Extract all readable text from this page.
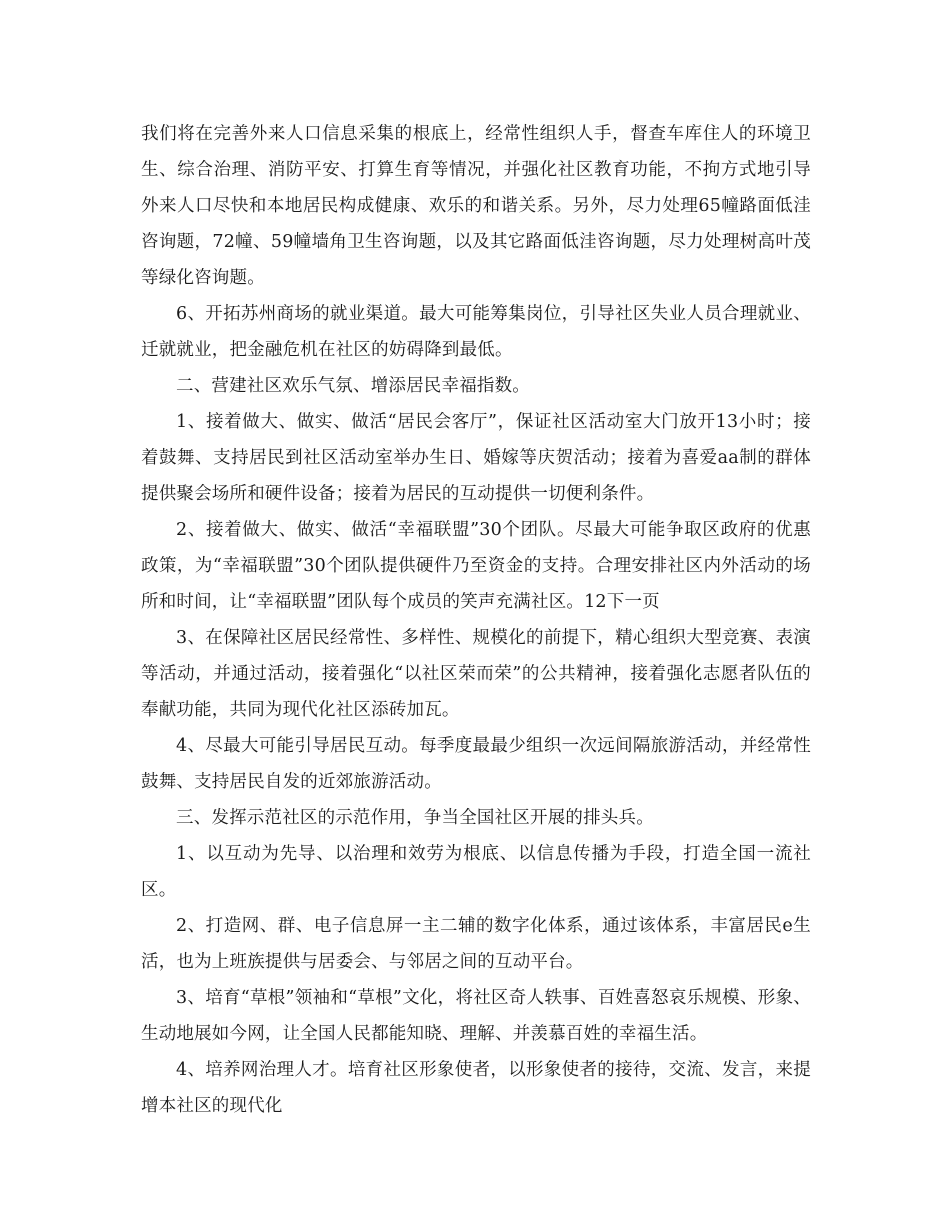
我们将在完善外来人口信息采集的根底上，经常性组织人手，督查车库住人的环境卫生、综合治理、消防平安、打算生育等情况，并强化社区教育功能，不拘方式地引导外来人口尽快和本地居民构成健康、欢乐的和谐关系。另外，尽力处理65幢路面低洼咨询题，72幢、59幢墙角卫生咨询题，以及其它路面低洼咨询题，尽力处理树高叶茂等绿化咨询题。

6、开拓苏州商场的就业渠道。最大可能筹集岗位，引导社区失业人员合理就业、迁就就业，把金融危机在社区的妨碍降到最低。

二、营建社区欢乐气氛、增添居民幸福指数。

1、接着做大、做实、做活“居民会客厅”，保证社区活动室大门放开13小时；接着鼓舞、支持居民到社区活动室举办生日、婚嫁等庆贺活动；接着为喜爱aa制的群体提供聚会场所和硬件设备；接着为居民的互动提供一切便利条件。

2、接着做大、做实、做活“幸福联盟”30个团队。尽最大可能争取区政府的优惠政策，为“幸福联盟”30个团队提供硬件乃至资金的支持。合理安排社区内外活动的场所和时间，让“幸福联盟”团队每个成员的笑声充满社区。12下一页

3、在保障社区居民经常性、多样性、规模化的前提下，精心组织大型竞赛、表演等活动，并通过活动，接着强化“以社区荣而荣”的公共精神，接着强化志愿者队伍的奉献功能，共同为现代化社区添砖加瓦。

4、尽最大可能引导居民互动。每季度最最少组织一次远间隔旅游活动，并经常性鼓舞、支持居民自发的近郊旅游活动。

三、发挥示范社区的示范作用，争当全国社区开展的排头兵。

1、以互动为先导、以治理和效劳为根底、以信息传播为手段，打造全国一流社区。

2、打造网、群、电子信息屏一主二辅的数字化体系，通过该体系，丰富居民e生活，也为上班族提供与居委会、与邻居之间的互动平台。

3、培育“草根”领袖和“草根”文化，将社区奇人轶事、百姓喜怒哀乐规模、形象、生动地展如今网，让全国人民都能知晓、理解、并羡慕百姓的幸福生活。

4、培养网治理人才。培育社区形象使者，以形象使者的接待，交流、发言，来提增本社区的现代化
